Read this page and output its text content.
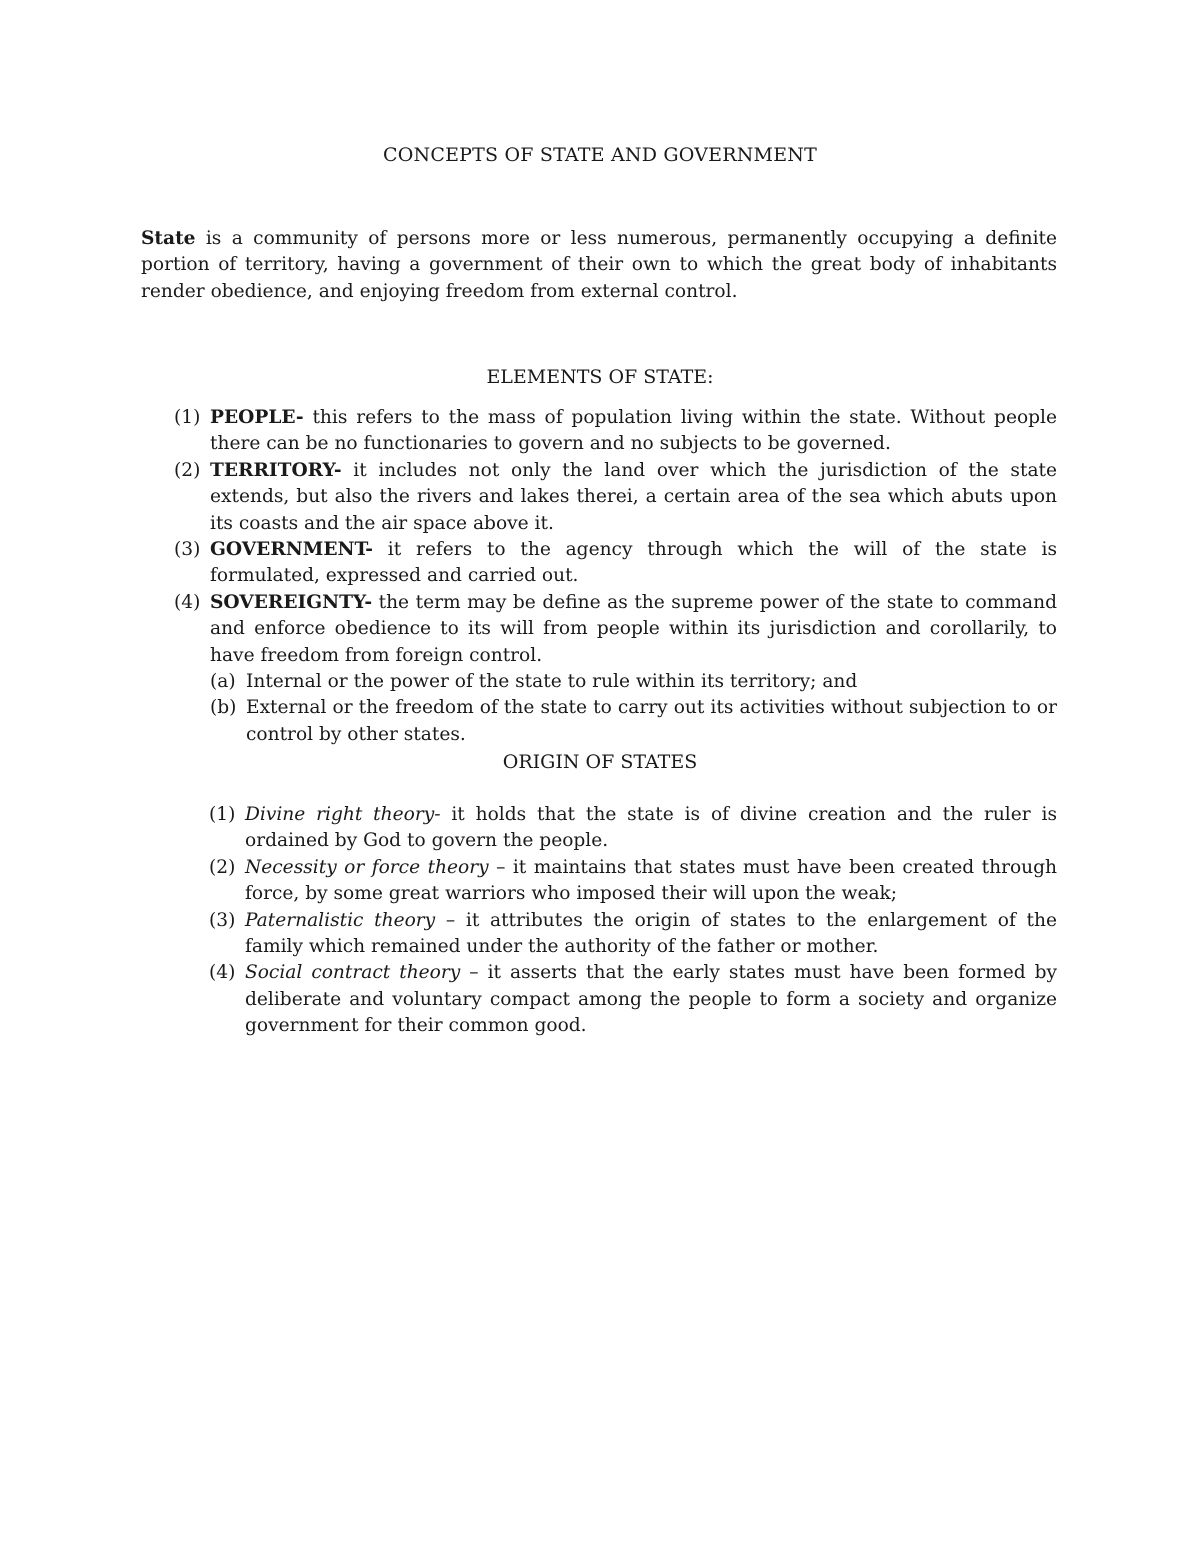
CONCEPTS OF STATE AND GOVERNMENT

State is a community of persons more or less numerous, permanently occupying a definite portion of territory, having a government of their own to which the great body of inhabitants render obedience, and enjoying freedom from external control.

ELEMENTS OF STATE:
(1) PEOPLE- this refers to the mass of population living within the state. Without people there can be no functionaries to govern and no subjects to be governed.
(2) TERRITORY- it includes not only the land over which the jurisdiction of the state extends, but also the rivers and lakes therei, a certain area of the sea which abuts upon its coasts and the air space above it.
(3) GOVERNMENT- it refers to the agency through which the will of the state is formulated, expressed and carried out.
(4) SOVEREIGNTY- the term may be define as the supreme power of the state to command and enforce obedience to its will from people within its jurisdiction and corollarily, to have freedom from foreign control.
(a) Internal or the power of the state to rule within its territory; and
(b) External or the freedom of the state to carry out its activities without subjection to or control by other states.
ORIGIN OF STATES
(1) Divine right theory- it holds that the state is of divine creation and the ruler is ordained by God to govern the people.
(2) Necessity or force theory – it maintains that states must have been created through force, by some great warriors who imposed their will upon the weak;
(3) Paternalistic theory – it attributes the origin of states to the enlargement of the family which remained under the authority of the father or mother.
(4) Social contract theory – it asserts that the early states must have been formed by deliberate and voluntary compact among the people to form a society and organize government for their common good.
